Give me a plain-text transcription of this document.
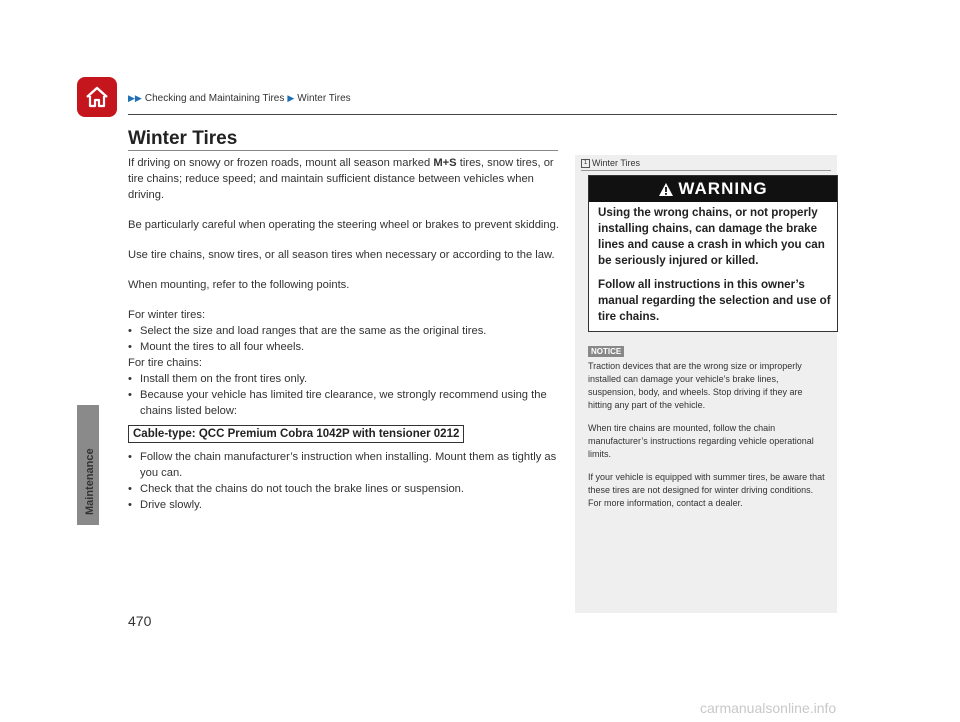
▶▶ Checking and Maintaining Tires ▶ Winter Tires
Maintenance
Winter Tires

If driving on snowy or frozen roads, mount all season marked M+S tires, snow tires, or tire chains; reduce speed; and maintain sufficient distance between vehicles when driving.

Be particularly careful when operating the steering wheel or brakes to prevent skidding.

Use tire chains, snow tires, or all season tires when necessary or according to the law.

When mounting, refer to the following points.

For winter tires:

• Select the size and load ranges that are the same as the original tires.
• Mount the tires to all four wheels.

For tire chains:

• Install them on the front tires only.
• Because your vehicle has limited tire clearance, we strongly recommend using the chains listed below:
Cable-type: QCC Premium Cobra 1042P with tensioner 0212
• Follow the chain manufacturer’s instruction when installing. Mount them as tightly as you can.
• Check that the chains do not touch the brake lines or suspension.
• Drive slowly.
1 Winter Tires
WARNING

Using the wrong chains, or not properly installing chains, can damage the brake lines and cause a crash in which you can be seriously injured or killed.

Follow all instructions in this owner’s manual regarding the selection and use of tire chains.

NOTICE

Traction devices that are the wrong size or improperly installed can damage your vehicle’s brake lines, suspension, body, and wheels. Stop driving if they are hitting any part of the vehicle.

When tire chains are mounted, follow the chain manufacturer’s instructions regarding vehicle operational limits.

If your vehicle is equipped with summer tires, be aware that these tires are not designed for winter driving conditions. For more information, contact a dealer.

470
carmanualsonline.info
